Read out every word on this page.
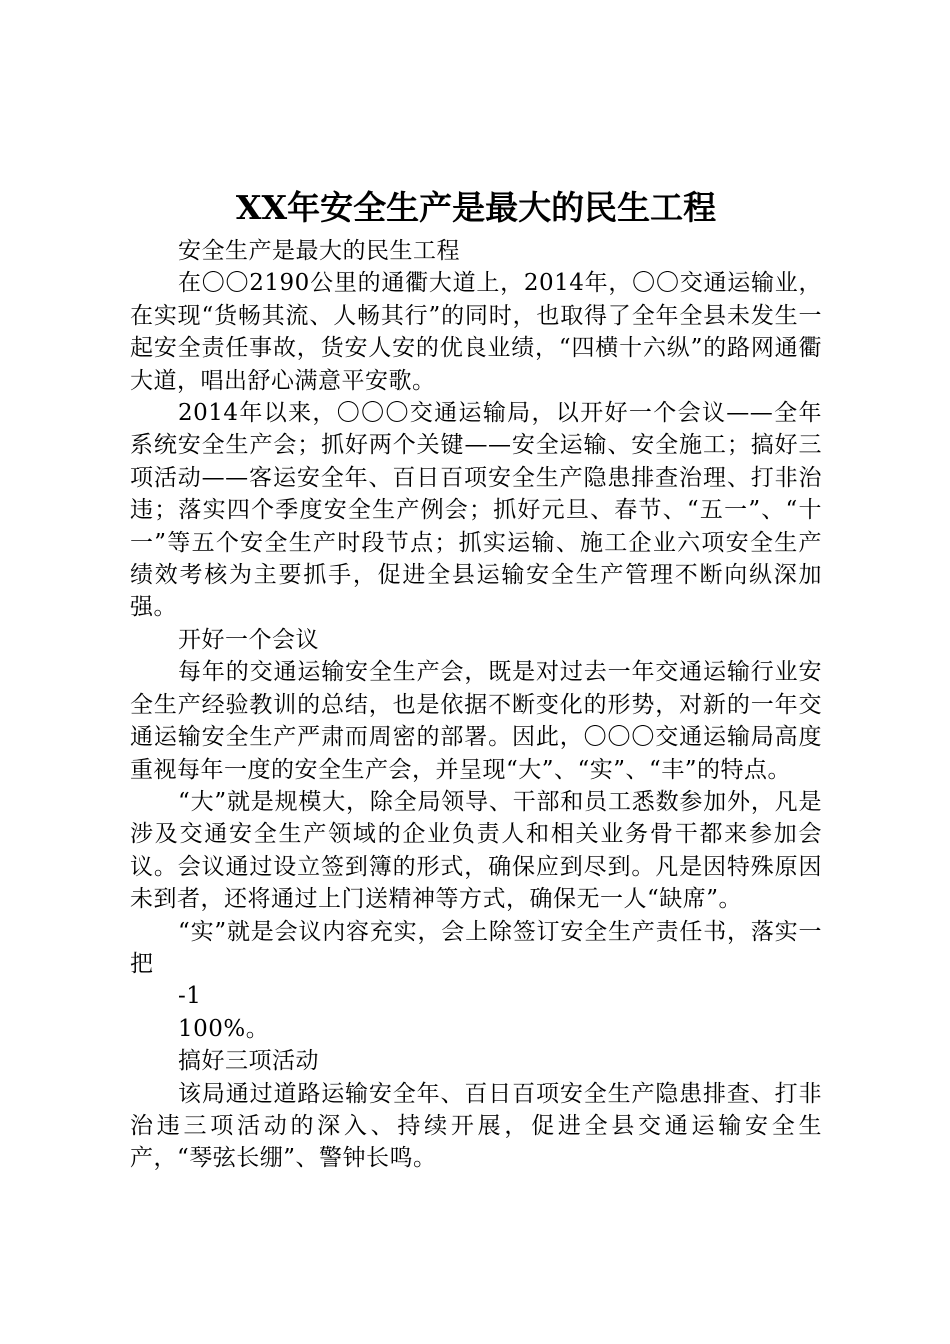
XX年安全生产是最大的民生工程

安全生产是最大的民生工程

在〇〇2190公里的通衢大道上，2014年，〇〇交通运输业，在实现“货畅其流、人畅其行”的同时，也取得了全年全县未发生一起安全责任事故，货安人安的优良业绩，“四横十六纵”的路网通衢大道，唱出舒心满意平安歌。

2014年以来，〇〇〇交通运输局，以开好一个会议——全年系统安全生产会；抓好两个关键——安全运输、安全施工；搞好三项活动——客运安全年、百日百项安全生产隐患排查治理、打非治违；落实四个季度安全生产例会；抓好元旦、春节、“五一”、“十一”等五个安全生产时段节点；抓实运输、施工企业六项安全生产绩效考核为主要抓手，促进全县运输安全生产管理不断向纵深加强。

开好一个会议

每年的交通运输安全生产会，既是对过去一年交通运输行业安全生产经验教训的总结，也是依据不断变化的形势，对新的一年交通运输安全生产严肃而周密的部署。因此，〇〇〇交通运输局高度重视每年一度的安全生产会，并呈现“大”、“实”、“丰”的特点。

“大”就是规模大，除全局领导、干部和员工悉数参加外，凡是涉及交通安全生产领域的企业负责人和相关业务骨干都来参加会议。会议通过设立签到簿的形式，确保应到尽到。凡是因特殊原因未到者，还将通过上门送精神等方式，确保无一人“缺席”。

“实”就是会议内容充实，会上除签订安全生产责任书，落实一把

-1

100%。

搞好三项活动

该局通过道路运输安全年、百日百项安全生产隐患排查、打非治违三项活动的深入、持续开展，促进全县交通运输安全生产，“琴弦长绷”、警钟长鸣。
